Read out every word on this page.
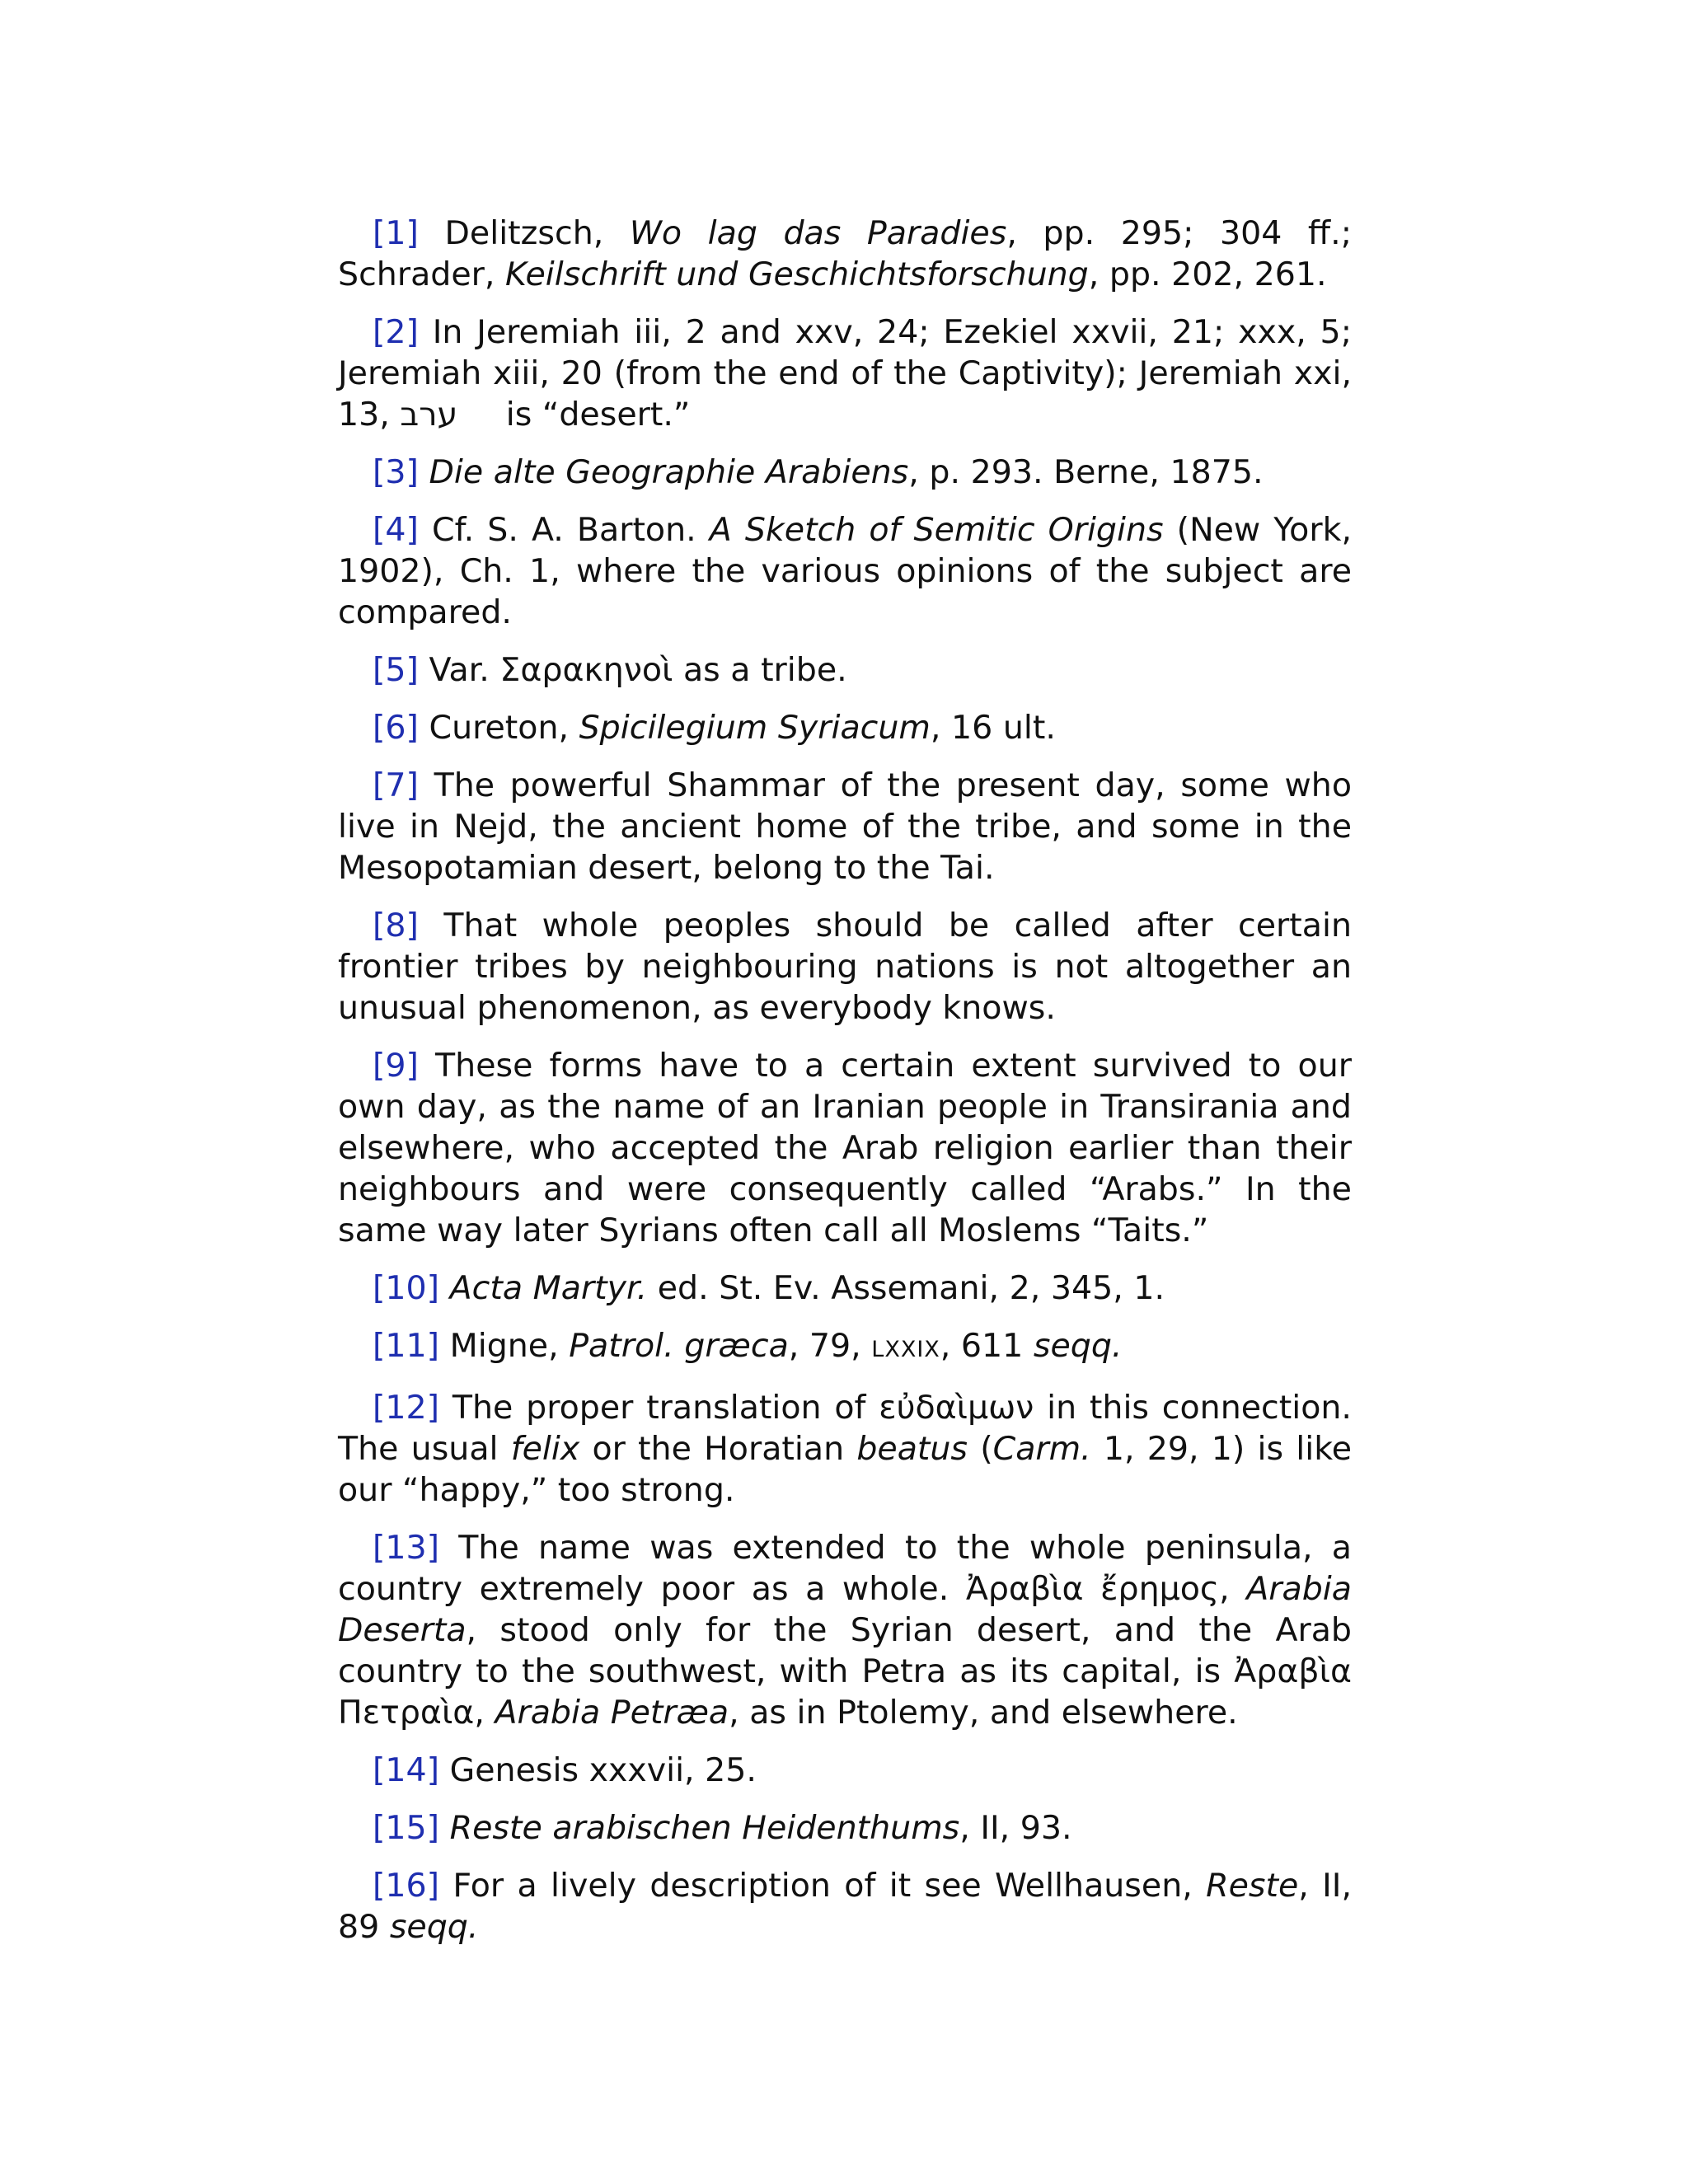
[1] Delitzsch, Wo lag das Paradies, pp. 295; 304 ff.; Schrader, Keilschrift und Geschichtsforschung, pp. 202, 261.

[2] In Jeremiah iii, 2 and xxv, 24; Ezekiel xxvii, 21; xxx, 5; Jeremiah xiii, 20 (from the end of the Captivity); Jeremiah xxi, 13, ערב is “desert.”

[3] Die alte Geographie Arabiens, p. 293. Berne, 1875.

[4] Cf. S. A. Barton. A Sketch of Semitic Origins (New York, 1902), Ch. 1, where the various opinions of the subject are compared.

[5] Var. Σαρακηνοὶ as a tribe.

[6] Cureton, Spicilegium Syriacum, 16 ult.

[7] The powerful Shammar of the present day, some who live in Nejd, the ancient home of the tribe, and some in the Mesopotamian desert, belong to the Tai.

[8] That whole peoples should be called after certain frontier tribes by neighbouring nations is not altogether an unusual phenomenon, as everybody knows.

[9] These forms have to a certain extent survived to our own day, as the name of an Iranian people in Transirania and elsewhere, who accepted the Arab religion earlier than their neighbours and were consequently called “Arabs.” In the same way later Syrians often call all Moslems “Taits.”

[10] Acta Martyr. ed. St. Ev. Assemani, 2, 345, 1.

[11] Migne, Patrol. græca, 79, LXXIX, 611 seqq.

[12] The proper translation of εὐδαὶμων in this connection. The usual felix or the Horatian beatus (Carm. 1, 29, 1) is like our “happy,” too strong.

[13] The name was extended to the whole peninsula, a country extremely poor as a whole. Ἀραβὶα ἔρημος, Arabia Deserta, stood only for the Syrian desert, and the Arab country to the southwest, with Petra as its capital, is Ἀραβὶα Πετραὶα, Arabia Petræa, as in Ptolemy, and elsewhere.

[14] Genesis xxxvii, 25.

[15] Reste arabischen Heidenthums, II, 93.

[16] For a lively description of it see Wellhausen, Reste, II, 89 seqq.
